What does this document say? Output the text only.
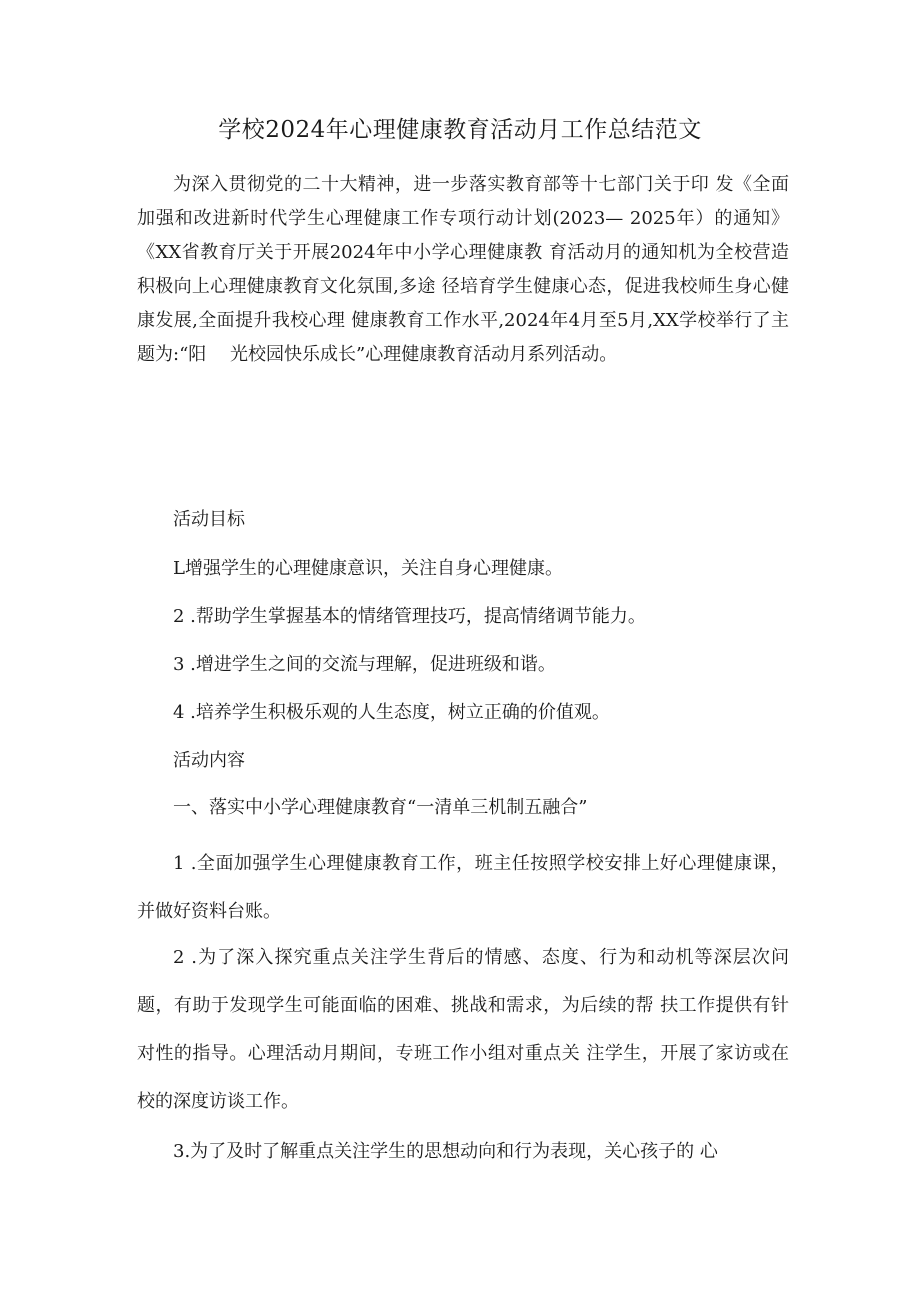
学校2024年心理健康教育活动月工作总结范文

为深入贯彻党的二十大精神，进一步落实教育部等十七部门关于印 发《全面加强和改进新时代学生心理健康工作专项行动计划(2023— 2025年）的通知》《XX省教育厅关于开展2024年中小学心理健康教 育活动月的通知机为全校营造积极向上心理健康教育文化氛围,多途 径培育学生健康心态，促进我校师生身心健康发展,全面提升我校心理 健康教育工作水平,2024年4月至5月,XX学校举行了主题为:“阳　 光校园快乐成长”心理健康教育活动月系列活动。

活动目标

L增强学生的心理健康意识，关注自身心理健康。

2 .帮助学生掌握基本的情绪管理技巧，提高情绪调节能力。

3 .增进学生之间的交流与理解，促进班级和谐。

4 .培养学生积极乐观的人生态度，树立正确的价值观。

活动内容

一、落实中小学心理健康教育“一清单三机制五融合”

1 .全面加强学生心理健康教育工作，班主任按照学校安排上好心理健康课，并做好资料台账。

2 .为了深入探究重点关注学生背后的情感、态度、行为和动机等深层次问题，有助于发现学生可能面临的困难、挑战和需求，为后续的帮 扶工作提供有针对性的指导。心理活动月期间，专班工作小组对重点关 注学生，开展了家访或在校的深度访谈工作。

3.为了及时了解重点关注学生的思想动向和行为表现，关心孩子的 心
